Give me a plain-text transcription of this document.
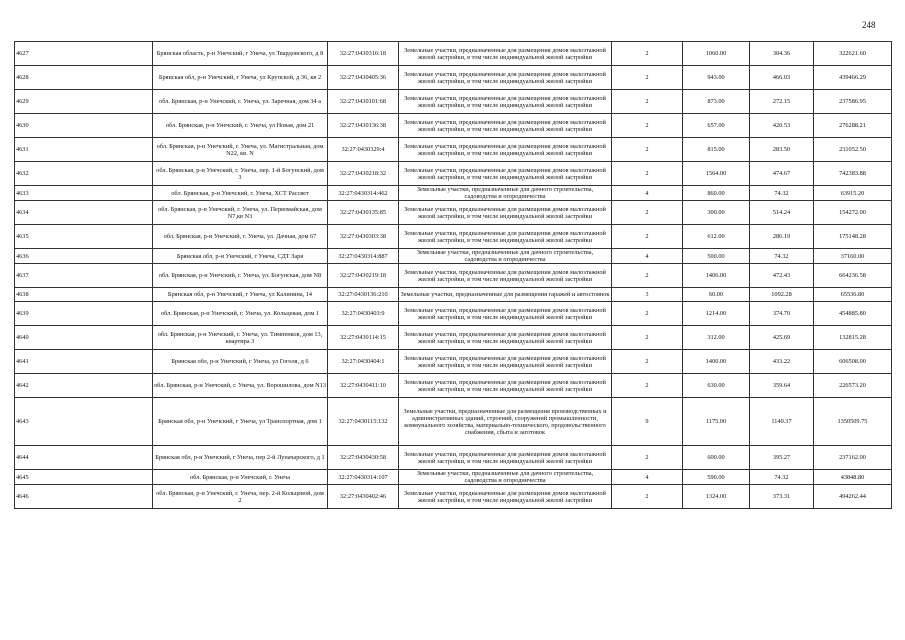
248
4627	Брянская область, р-н Унечский, г Унеча, ул Твардовского, д 8	32:27:0430316:18	Земельные участки, предназначенные для размещения домов малоэтажной жилой застройки, в том числе индивидуальной жилой застройки	2	1060.00	304.36	322621.60
4628	Брянская обл, р-н Унечский, г Унеча, ул Крупской, д 36, кв 2	32:27:0430405:36	Земельные участки, предназначенные для размещения домов малоэтажной жилой застройки, в том числе индивидуальной жилой застройки	2	943.00	466.03	439466.29
4629	обл. Брянская, р-н Унечский, г. Унеча, ул. Заречная, дом 34 а	32:27:0430101:68	Земельные участки, предназначенные для размещения домов малоэтажной жилой застройки, в том числе индивидуальной жилой застройки	2	873.00	272.15	237586.95
4630	обл. Брянская, р-н Унечский, г. Унеча, ул Новая, дом 21	32:27:0430136:38	Земельные участки, предназначенные для размещения домов малоэтажной жилой застройки, в том числе индивидуальной жилой застройки	2	657.00	420.53	276288.21
4631	обл. Брянская, р-н Унечский, г. Унеча, ул. Магистральная, дом N22, кв. N	32:27:0430329:4	Земельные участки, предназначенные для размещения домов малоэтажной жилой застройки, в том числе индивидуальной жилой застройки	2	815.00	283.50	231052.50
4632	обл. Брянская, р-н Унечский, г. Унеча, пер. 1-й Богунский, дом 3	32:27:0430218:32	Земельные участки, предназначенные для размещения домов малоэтажной жилой застройки, в том числе индивидуальной жилой застройки	2	1564.00	474.67	742383.88
4633	обл. Брянская, р-н Унечский, г. Унеча, ХСТ Рассвет	32:27:0430314:462	Земельные участки, предназначенные для дачного строительства, садоводства и огородничества	4	860.00	74.32	63915.20
4634	обл. Брянская, р-н Унечский, г. Унеча, ул. Первомайская, дом N7,кв N3	32:27:0430135:85	Земельные участки, предназначенные для размещения домов малоэтажной жилой застройки, в том числе индивидуальной жилой застройки	2	300.00	514.24	154272.00
4635	обл. Брянская, р-н Унечский, г. Унеча, ул. Дачная, дом 67	32:27:0430303:38	Земельные участки, предназначенные для размещения домов малоэтажной жилой застройки, в том числе индивидуальной жилой застройки	2	612.00	286.19	175148.28
4636	Брянская обл, р-н Унечский, г Унеча, СДТ Заря	32:27:0430314:887	Земельные участки, предназначенные для дачного строительства, садоводства и огородничества	4	500.00	74.32	37160.00
4637	обл. Брянская, р-н Унечский, г. Унеча, ул. Богунская, дом N8	32:27:0430219:18	Земельные участки, предназначенные для размещения домов малоэтажной жилой застройки, в том числе индивидуальной жилой застройки	2	1406.00	472.43	664236.58
4638	Брянская обл, р-н Унечский, г Унеча, ул Калинина, 14	32:27:0430136:210	Земельные участки, предназначенные для размещения гаражей и автостоянок	3	60.00	1092.28	65536.80
4639	обл. Брянская, р-н Унечский, г. Унеча, ул. Кольцевая, дом 1	32:27:0430403:9	Земельные участки, предназначенные для размещения домов малоэтажной жилой застройки, в том числе индивидуальной жилой застройки	2	1214.00	374.70	454885.80
4640	обл. Брянская, р-н Унечский, г. Унеча, ул. Тимпенков, дом 13, квартира 3	32:27:0430114:15	Земельные участки, предназначенные для размещения домов малоэтажной жилой застройки, в том числе индивидуальной жилой застройки	2	312.00	425.69	132815.28
4641	Брянская обл, р-н Унечский, г Унеча, ул Гоголя, д 6	32:27:0430404:1	Земельные участки, предназначенные для размещения домов малоэтажной жилой застройки, в том числе индивидуальной жилой застройки	2	1400.00	433.22	606508.00
4642	обл. Брянская, р-н Унечский, г. Унеча, ул. Ворошилова, дом N13	32:27:0430411:10	Земельные участки, предназначенные для размещения домов малоэтажной жилой застройки, в том числе индивидуальной жилой застройки	2	630.00	359.64	226573.20
4643	Брянская обл, р-н Унечский, г Унеча, ул Транспортная, дом 1	32:27:0430115:132	Земельные участки, предназначенные для размещения производственных и административных зданий, строений, сооружений промышленности, коммунального хозяйства, материально-технического, продовольственного снабжения, сбыта и заготовок	9	1175.00	1149.37	1350509.75
4644	Брянская обл, р-н Унечский, г Унеча, пер 2-й Луначарского, д 1	32:27:0430430:58	Земельные участки, предназначенные для размещения домов малоэтажной жилой застройки, в том числе индивидуальной жилой застройки	2	600.00	395.27	237162.00
4645	обл. Брянская, р-н Унечский, г. Унеча	32:27:0430314:107	Земельные участки, предназначенные для дачного строительства, садоводства и огородничества	4	590.00	74.32	43848.80
4646	обл. Брянская, р-н Унечский, г. Унеча, пер. 2-й Кольцевой, дом 2	32:27:0430402:46	Земельные участки, предназначенные для размещения домов малоэтажной жилой застройки, в том числе индивидуальной жилой застройки	2	1324.00	373.31	494262.44
